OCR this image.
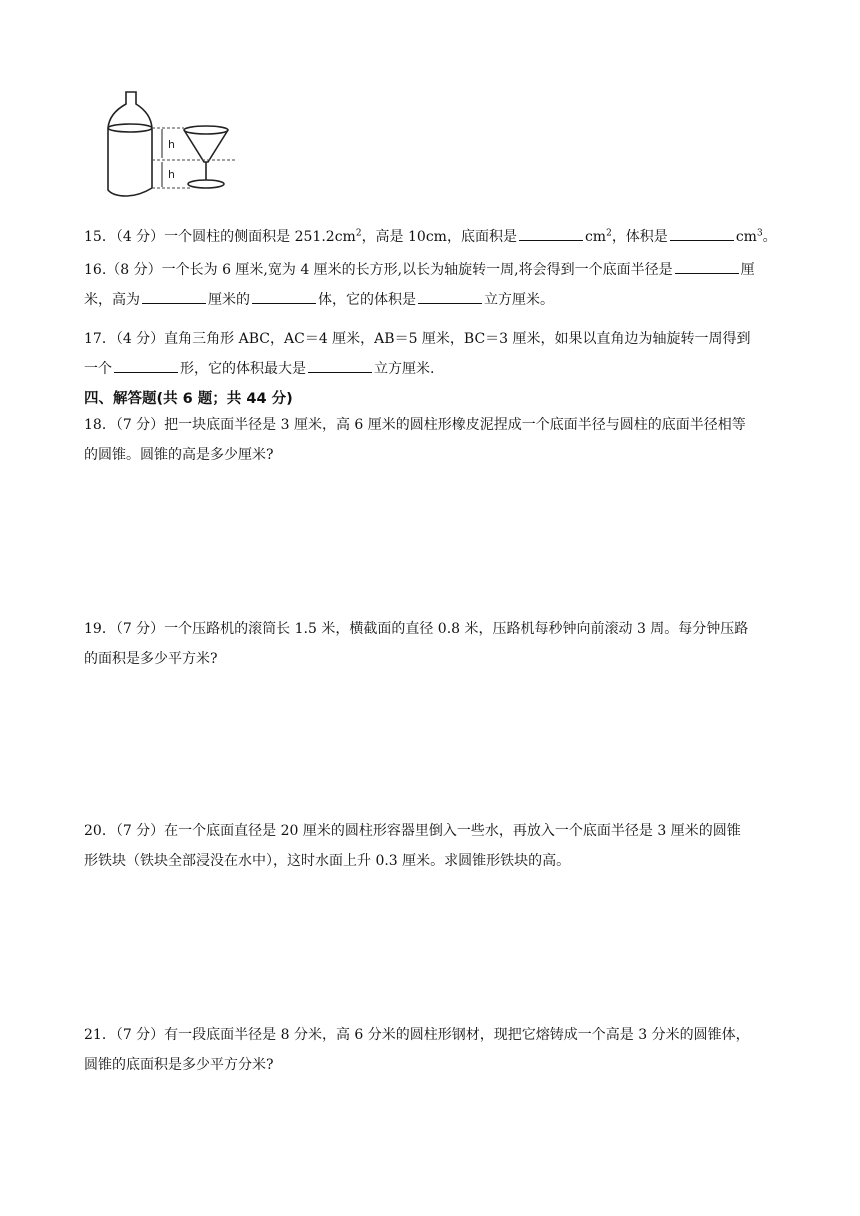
h
h
15．（4 分）一个圆柱的侧面积是 $251.2cm^2$，高是 10cm，底面积是	$cm^2$，体积是	$cm^3$。
16.（8 分）一个长为 6 厘米,宽为 4 厘米的长方形,以长为轴旋转一周,将会得到一个底面半径是	厘
米，高为	厘米的	体，它的体积是	立方厘米。
17．（4 分）直角三角形 ABC，AC＝4 厘米，AB＝5 厘米，BC＝3 厘米，如果以直角边为轴旋转一周得到
一个	形，它的体积最大是	立方厘米.
四、解答题(共 6 题；共 44 分)
18．（7 分）把一块底面半径是 3 厘米，高 6 厘米的圆柱形橡皮泥捏成一个底面半径与圆柱的底面半径相等
的圆锥。圆锥的高是多少厘米?
19．（7 分）一个压路机的滚筒长 1.5 米，横截面的直径 0.8 米，压路机每秒钟向前滚动 3 周。每分钟压路
的面积是多少平方米?
20．（7 分）在一个底面直径是 20 厘米的圆柱形容器里倒入一些水，再放入一个底面半径是 3 厘米的圆锥
形铁块（铁块全部浸没在水中），这时水面上升 0.3 厘米。求圆锥形铁块的高。
21．（7 分）有一段底面半径是 8 分米，高 6 分米的圆柱形钢材，现把它熔铸成一个高是 3 分米的圆锥体，
圆锥的底面积是多少平方分米?
